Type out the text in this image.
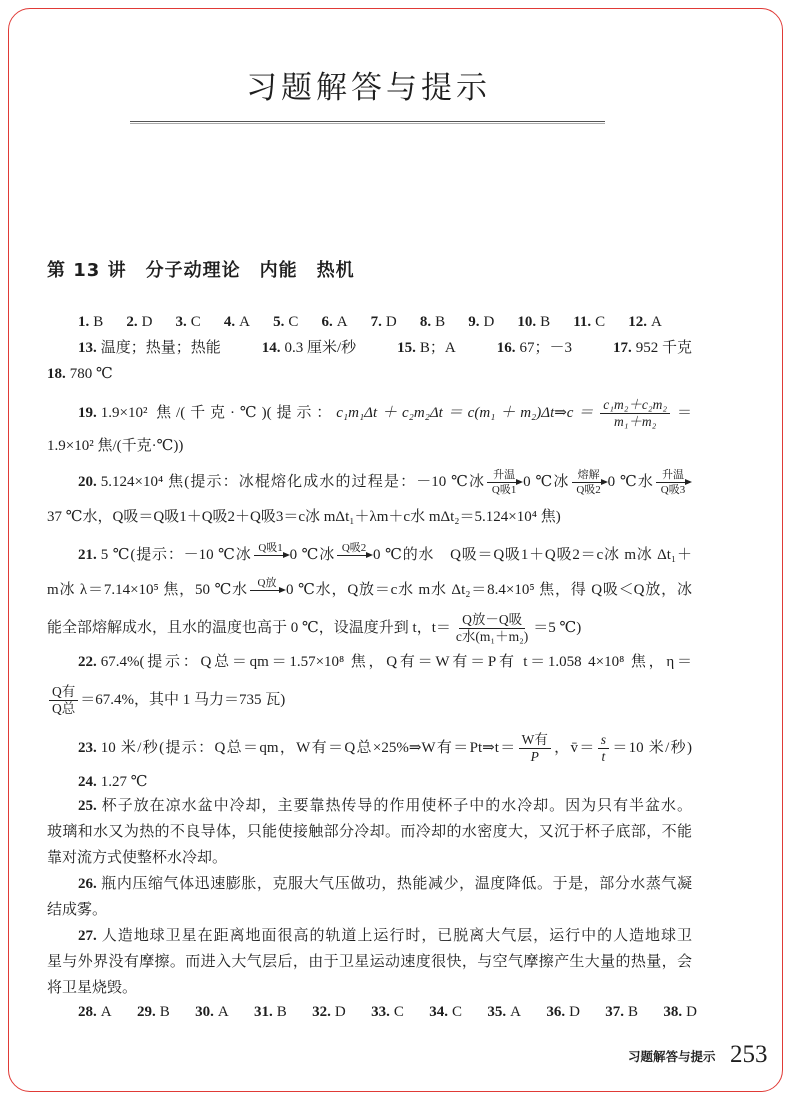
习题解答与提示
第 13 讲　分子动理论　内能　热机
1. B 2. D 3. C 4. A 5. C 6. A 7. D 8. B 9. D 10. B 11. C 12. A
13. 温度；热量；热能	14. 0.3 厘米/秒	15. B；A	16. 67；－3	17. 952 千克
18. 780 ℃
19. 1.9×10² 焦/(千克·℃)(提示：c₁m₁Δt＋c₂m₂Δt＝c(m₁＋m₂)Δt⇒c＝ $\frac{\text{c₁m₂＋c₂m₂}}{\text{m₁＋m₂}}$ ＝
1.9×10² 焦/(千克·℃))
20. 5.124×10⁴ 焦(提示：冰棍熔化成水的过程是：－10 ℃冰 升温
Q吸1
0 ℃冰 熔解
Q吸2
0 ℃水 升温
Q吸3
37 ℃水，Q吸＝Q吸1＋Q吸2＋Q吸3＝c冰 mΔt₁＋λm＋c水 mΔt₂＝5.124×10⁴ 焦)
21. 5 ℃(提示：－10 ℃冰 Q吸1 0 ℃冰 Q吸2 0 ℃的水　Q吸＝Q吸1＋Q吸2＝c冰 m冰 Δt₁＋
m冰 λ＝7.14×10⁵ 焦，50 ℃水 Q放 0 ℃水，Q放＝c水 m水 Δt₂＝8.4×10⁵ 焦，得 Q吸＜Q放，冰
能全部熔解成水，且水的温度也高于 0 ℃，设温度升到 t，$t= \frac{\text{Q放－Q吸}}{\text{c水(m₁＋m₂)}} =5$ ℃)
22. 67.4%(提示：Q总＝qm＝1.57×10⁸ 焦，Q有＝W有＝P有 t＝1.058 4×10⁸ 焦，η＝
$\frac{\text{Q有}}{\text{Q总}} =67.4\%$，其中 1 马力＝735 瓦)
23. 10 米/秒(提示：Q总＝qm，W有＝Q总×25%⇒W有＝Pt⇒t＝ $\frac{\text{W有}}{P}$ ，v̄＝ $\frac{s}{t} =10$ 米/秒)
24. 1.27 ℃
25. 杯子放在凉水盆中冷却，主要靠热传导的作用使杯子中的水冷却。因为只有半盆水。
玻璃和水又为热的不良导体，只能使接触部分冷却。而冷却的水密度大，又沉于杯子底部，不能
靠对流方式使整杯水冷却。
26. 瓶内压缩气体迅速膨胀，克服大气压做功，热能减少，温度降低。于是，部分水蒸气凝
结成雾。
27. 人造地球卫星在距离地面很高的轨道上运行时，已脱离大气层，运行中的人造地球卫
星与外界没有摩擦。而进入大气层后，由于卫星运动速度很快，与空气摩擦产生大量的热量，会
将卫星烧毁。
28. A 29. B 30. A 31. B 32. D 33. C 34. C 35. A 36. D 37. B 38. D
习题解答与提示 253
